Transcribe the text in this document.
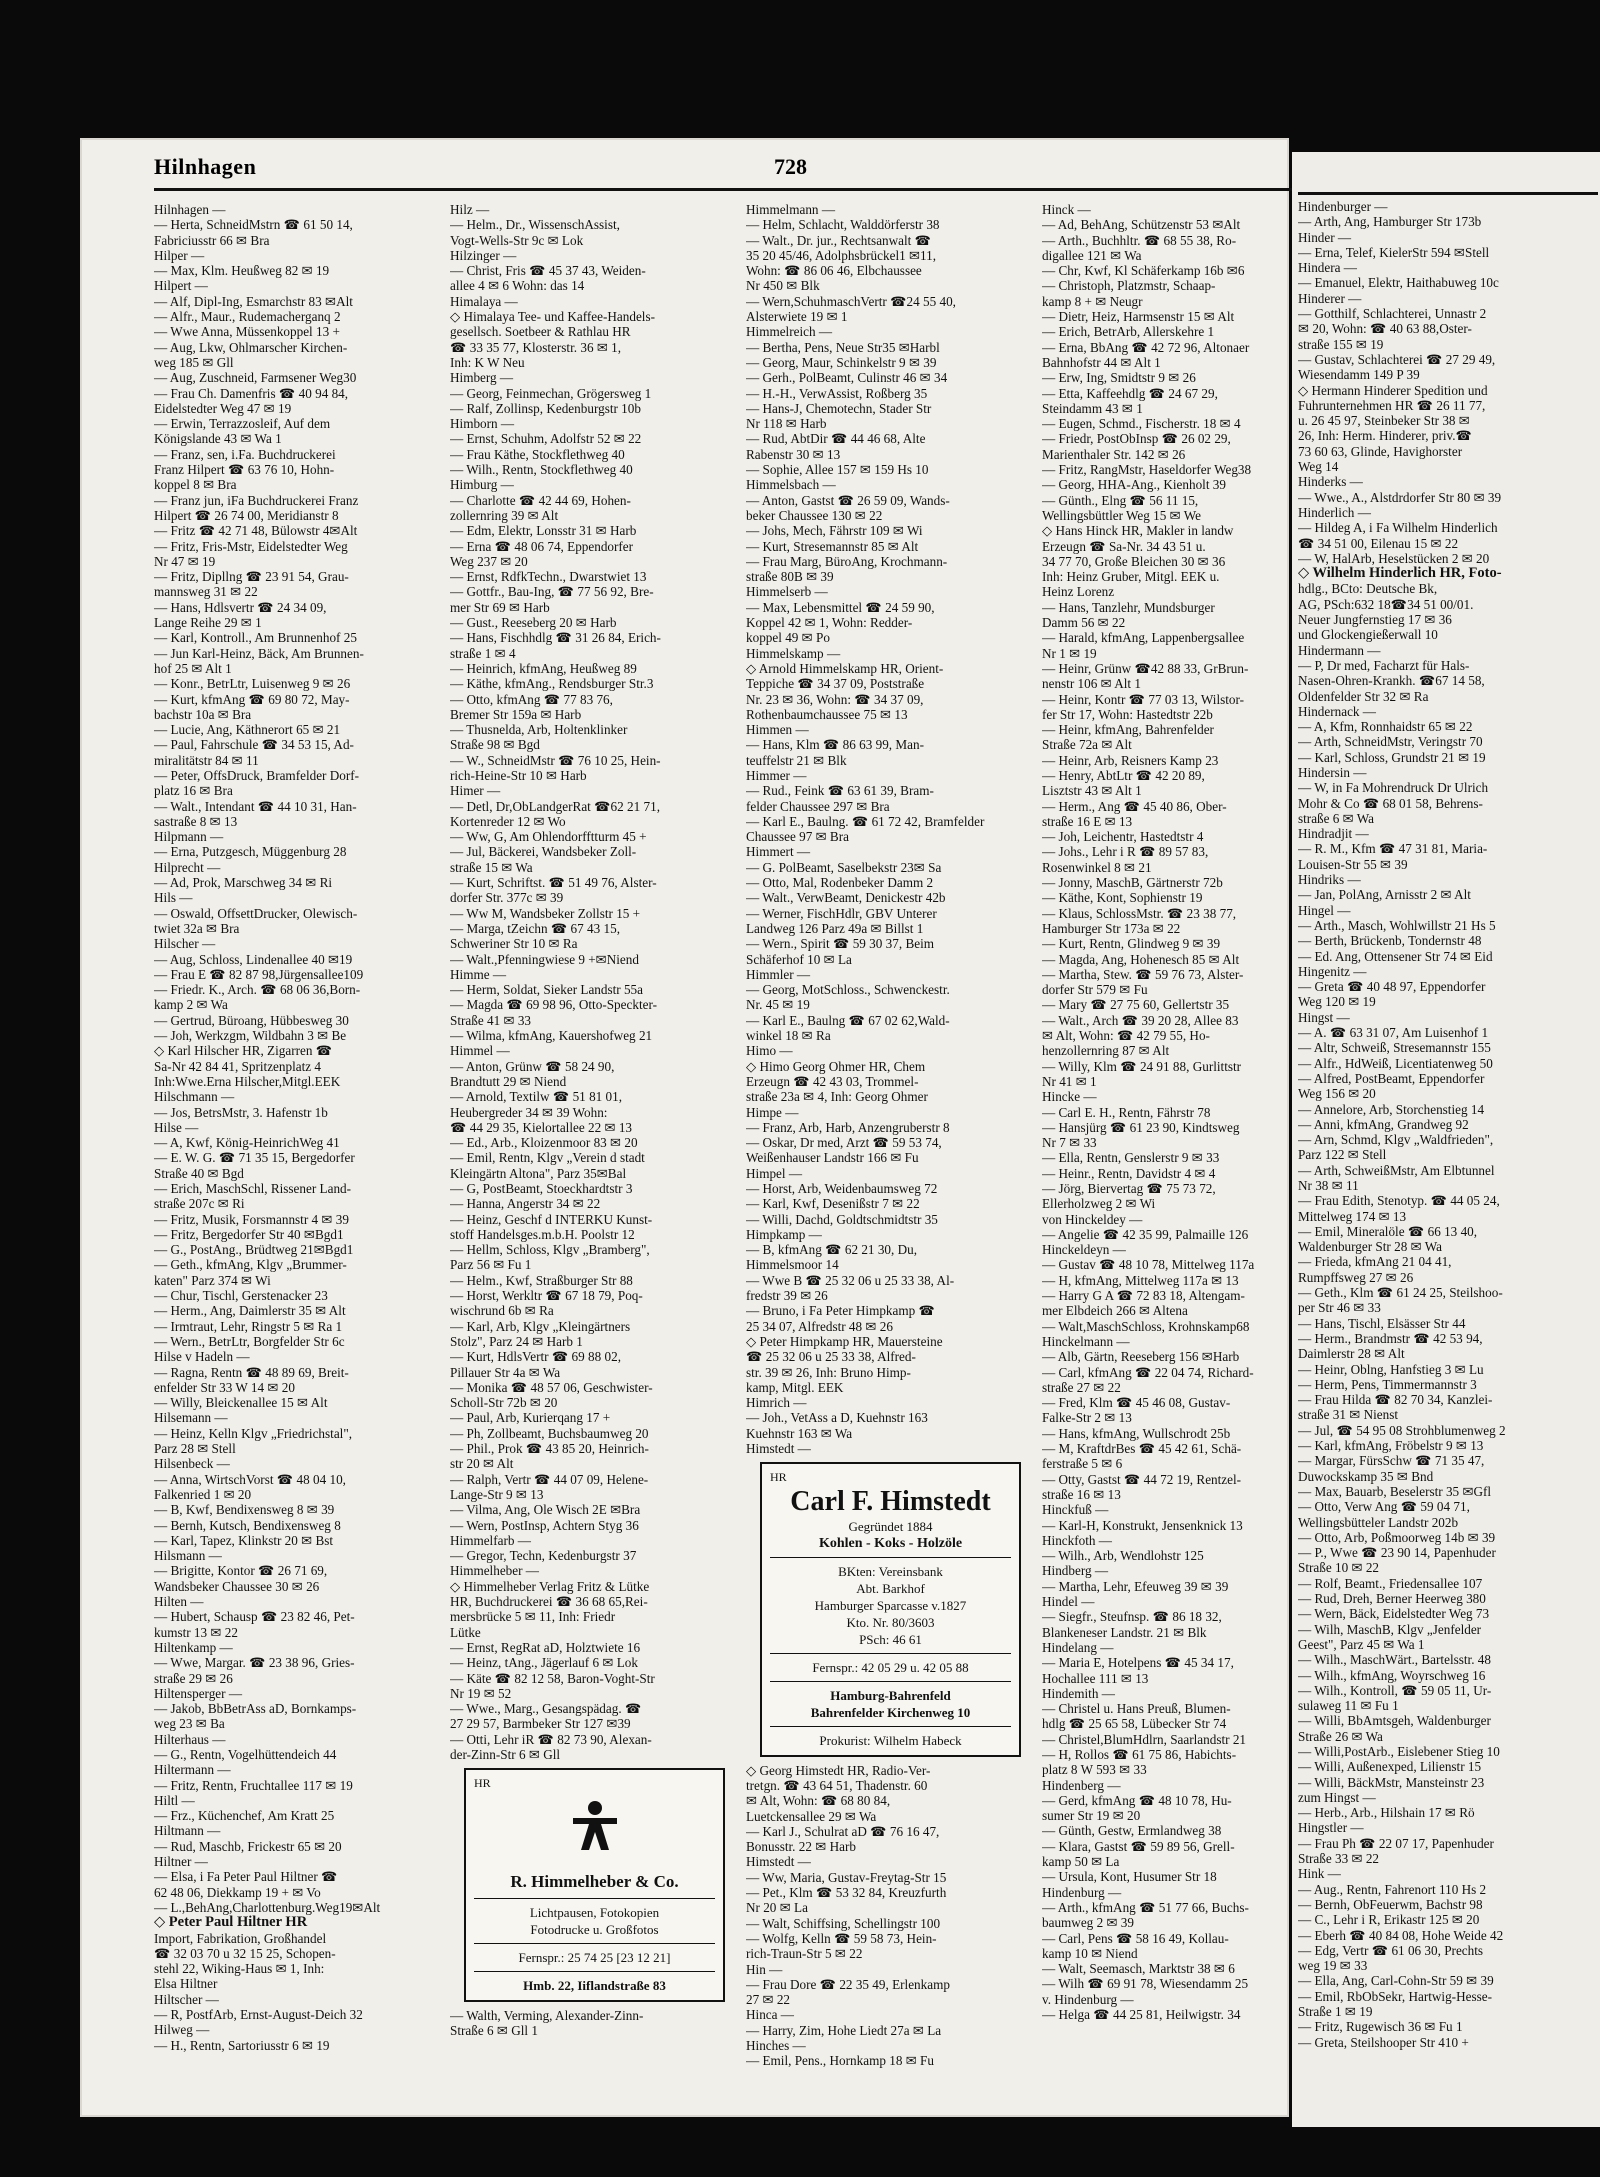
Hilnhagen	728
Hilnhagen —
— Herta, SchneidMstrn ☎ 61 50 14,
Fabriciusstr 66 ✉ Bra
Hilper —
— Max, Klm. Heußweg 82 ✉ 19
Hilpert —
— Alf, Dipl-Ing, Esmarchstr 83 ✉Alt
— Alfr., Maur., Rudemacherganq 2
— Wwe Anna, Müssenkoppel 13 +
— Aug, Lkw, Ohlmarscher Kirchen-
weg 185 ✉ Gll
— Aug, Zuschneid, Farmsener Weg30
— Frau Ch. Damenfris ☎ 40 94 84,
Eidelstedter Weg 47 ✉ 19
— Erwin, Terrazzosleif, Auf dem
Königslande 43 ✉ Wa 1
— Franz, sen, i.Fa. Buchdruckerei
Franz Hilpert ☎ 63 76 10, Hohn-
koppel 8 ✉ Bra
— Franz jun, iFa Buchdruckerei Franz
Hilpert ☎ 26 74 00, Meridianstr 8
— Fritz ☎ 42 71 48, Bülowstr 4✉Alt
— Fritz, Fris-Mstr, Eidelstedter Weg
Nr 47 ✉ 19
— Fritz, Dipllng ☎ 23 91 54, Grau-
mannsweg 31 ✉ 22
— Hans, Hdlsvertr ☎ 24 34 09,
Lange Reihe 29 ✉ 1
— Karl, Kontroll., Am Brunnenhof 25
— Jun Karl-Heinz, Bäck, Am Brunnen-
hof 25 ✉ Alt 1
— Konr., BetrLtr, Luisenweg 9 ✉ 26
— Kurt, kfmAng ☎ 69 80 72, May-
bachstr 10a ✉ Bra
— Lucie, Ang, Käthnerort 65 ✉ 21
— Paul, Fahrschule ☎ 34 53 15, Ad-
miralitätstr 84 ✉ 11
— Peter, OffsDruck, Bramfelder Dorf-
platz 16 ✉ Bra
— Walt., Intendant ☎ 44 10 31, Han-
sastraße 8 ✉ 13
Hilpmann —
— Erna, Putzgesch, Müggenburg 28
Hilprecht —
— Ad, Prok, Marschweg 34 ✉ Ri
Hils —
— Oswald, OffsettDrucker, Olewisch-
twiet 32a ✉ Bra
Hilscher —
— Aug, Schloss, Lindenallee 40 ✉19
— Frau E ☎ 82 87 98,Jürgensallee109
— Friedr. K., Arch. ☎ 68 06 36,Born-
kamp 2 ✉ Wa
— Gertrud, Büroang, Hübbesweg 30
— Joh, Werkzgm, Wildbahn 3 ✉ Be
◇ Karl Hilscher HR, Zigarren ☎
Sa-Nr 42 84 41, Spritzenplatz 4
Inh:Wwe.Erna Hilscher,Mitgl.EEK
Hilschmann —
— Jos, BetrsMstr, 3. Hafenstr 1b
Hilse —
— A, Kwf, König-HeinrichWeg 41
— E. W. G. ☎ 71 35 15, Bergedorfer
Straße 40 ✉ Bgd
— Erich, MaschSchl, Rissener Land-
straße 207c ✉ Ri
— Fritz, Musik, Forsmannstr 4 ✉ 39
— Fritz, Bergedorfer Str 40 ✉Bgd1
— G., PostAng., Brüdtweg 21✉Bgd1
— Geth., kfmAng, Klgv „Brummer-
katen" Parz 374 ✉ Wi
— Chur, Tischl, Gerstenacker 23
— Herm., Ang, Daimlerstr 35 ✉ Alt
— Irmtraut, Lehr, Ringstr 5 ✉ Ra 1
— Wern., BetrLtr, Borgfelder Str 6c
Hilse v Hadeln —
— Ragna, Rentn ☎ 48 89 69, Breit-
enfelder Str 33 W 14 ✉ 20
— Willy, Bleickenallee 15 ✉ Alt
Hilsemann —
— Heinz, Kelln Klgv „Friedrichstal",
Parz 28 ✉ Stell
Hilsenbeck —
— Anna, WirtschVorst ☎ 48 04 10,
Falkenried 1 ✉ 20
— B, Kwf, Bendixensweg 8 ✉ 39
— Bernh, Kutsch, Bendixensweg 8
— Karl, Tapez, Klinkstr 20 ✉ Bst
Hilsmann —
— Brigitte, Kontor ☎ 26 71 69,
Wandsbeker Chaussee 30 ✉ 26
Hilten —
— Hubert, Schausp ☎ 23 82 46, Pet-
kumstr 13 ✉ 22
Hiltenkamp —
— Wwe, Margar. ☎ 23 38 96, Gries-
straße 29 ✉ 26
Hiltensperger —
— Jakob, BbBetrAss aD, Bornkamps-
weg 23 ✉ Ba
Hilterhaus —
— G., Rentn, Vogelhüttendeich 44
Hiltermann —
— Fritz, Rentn, Fruchtallee 117 ✉ 19
Hiltl —
— Frz., Küchenchef, Am Kratt 25
Hiltmann —
— Rud, Maschb, Frickestr 65 ✉ 20
Hiltner —
— Elsa, i Fa Peter Paul Hiltner ☎
62 48 06, Diekkamp 19 + ✉ Vo
— L.,BehAng,Charlottenburg.Weg19✉Alt
◇ Peter Paul Hiltner HR
Import, Fabrikation, Großhandel
☎ 32 03 70 u 32 15 25, Schopen-
stehl 22, Wiking-Haus ✉ 1, Inh:
Elsa Hiltner
Hiltscher —
— R, PostfArb, Ernst-August-Deich 32
Hilweg —
— H., Rentn, Sartoriusstr 6 ✉ 19
Hilz —
— Helm., Dr., WissenschAssist,
Vogt-Wells-Str 9c ✉ Lok
Hilzinger —
— Christ, Fris ☎ 45 37 43, Weiden-
allee 4 ✉ 6 Wohn: das 14
Himalaya —
◇ Himalaya Tee- und Kaffee-Handels-
gesellsch. Soetbeer & Rathlau HR
☎ 33 35 77, Klosterstr. 36 ✉ 1,
Inh: K W Neu
Himberg —
— Georg, Feinmechan, Grögersweg 1
— Ralf, Zollinsp, Kedenburgstr 10b
Himborn —
— Ernst, Schuhm, Adolfstr 52 ✉ 22
— Frau Käthe, Stockflethweg 40
— Wilh., Rentn, Stockflethweg 40
Himburg —
— Charlotte ☎ 42 44 69, Hohen-
zollernring 39 ✉ Alt
— Edm, Elektr, Lonsstr 31 ✉ Harb
— Erna ☎ 48 06 74, Eppendorfer
Weg 237 ✉ 20
— Ernst, RdfkTechn., Dwarstwiet 13
— Gottfr., Bau-Ing, ☎ 77 56 92, Bre-
mer Str 69 ✉ Harb
— Gust., Reeseberg 20 ✉ Harb
— Hans, Fischhdlg ☎ 31 26 84, Erich-
straße 1 ✉ 4
— Heinrich, kfmAng, Heußweg 89
— Käthe, kfmAng., Rendsburger Str.3
— Otto, kfmAng ☎ 77 83 76,
Bremer Str 159a ✉ Harb
— Thusnelda, Arb, Holtenklinker
Straße 98 ✉ Bgd
— W., SchneidMstr ☎ 76 10 25, Hein-
rich-Heine-Str 10 ✉ Harb
Himer —
— Detl, Dr,ObLandgerRat ☎62 21 71,
Kortenreder 12 ✉ Wo
— Ww, G, Am Ohlendorfftturm 45 +
— Jul, Bäckerei, Wandsbeker Zoll-
straße 15 ✉ Wa
— Kurt, Schriftst. ☎ 51 49 76, Alster-
dorfer Str. 377c ✉ 39
— Ww M, Wandsbeker Zollstr 15 +
— Marga, tZeichn ☎ 67 43 15,
Schweriner Str 10 ✉ Ra
— Walt.,Pfenningwiese 9 +✉Niend
Himme —
— Herm, Soldat, Sieker Landstr 55a
— Magda ☎ 69 98 96, Otto-Speckter-
Straße 41 ✉ 33
— Wilma, kfmAng, Kauershofweg 21
Himmel —
— Anton, Grünw ☎ 58 24 90,
Brandtutt 29 ✉ Niend
— Arnold, Textilw ☎ 51 81 01,
Heubergreder 34 ✉ 39 Wohn:
☎ 44 29 35, Kielortallee 22 ✉ 13
— Ed., Arb., Kloizenmoor 83 ✉ 20
— Emil, Rentn, Klgv „Verein d stadt
Kleingärtn Altona", Parz 35✉Bal
— G, PostBeamt, Stoeckhardtstr 3
— Hanna, Angerstr 34 ✉ 22
— Heinz, Geschf d INTERKU Kunst-
stoff Handelsges.m.b.H. Poolstr 12
— Hellm, Schloss, Klgv „Bramberg",
Parz 56 ✉ Fu 1
— Helm., Kwf, Straßburger Str 88
— Horst, Werkltr ☎ 67 18 79, Poq-
wischrund 6b ✉ Ra
— Karl, Arb, Klgv „Kleingärtners
Stolz", Parz 24 ✉ Harb 1
— Kurt, HdlsVertr ☎ 69 88 02,
Pillauer Str 4a ✉ Wa
— Monika ☎ 48 57 06, Geschwister-
Scholl-Str 72b ✉ 20
— Paul, Arb, Kurierqang 17 +
— Ph, Zollbeamt, Buchsbaumweg 20
— Phil., Prok ☎ 43 85 20, Heinrich-
str 20 ✉ Alt
— Ralph, Vertr ☎ 44 07 09, Helene-
Lange-Str 9 ✉ 13
— Vilma, Ang, Ole Wisch 2E ✉Bra
— Wern, PostInsp, Achtern Styg 36
Himmelfarb —
— Gregor, Techn, Kedenburgstr 37
Himmelheber —
◇ Himmelheber Verlag Fritz & Lütke
HR, Buchdruckerei ☎ 36 68 65,Rei-
mersbrücke 5 ✉ 11, Inh: Friedr
Lütke
— Ernst, RegRat aD, Holztwiete 16
— Heinz, tAng., Jägerlauf 6 ✉ Lok
— Käte ☎ 82 12 58, Baron-Voght-Str
Nr 19 ✉ 52
— Wwe., Marg., Gesangspädag. ☎
27 29 57, Barmbeker Str 127 ✉39
— Otti, Lehr iR ☎ 82 73 90, Alexan-
der-Zinn-Str 6 ✉ Gll
HR
R. Himmelheber & Co.
Lichtpausen, Fotokopien
Fotodrucke u. Großfotos
Fernspr.: 25 74 25 [23 12 21]
Hmb. 22, Iiflandstraße 83
— Walth, Verming, Alexander-Zinn-
Straße 6 ✉ Gll 1
Himmelmann —
— Helm, Schlacht, Walddörferstr 38
— Walt., Dr. jur., Rechtsanwalt ☎
35 20 45/46, Adolphsbrückel1 ✉11,
Wohn: ☎ 86 06 46, Elbchaussee
Nr 450 ✉ Blk
— Wern,SchuhmaschVertr ☎24 55 40,
Alsterwiete 19 ✉ 1
Himmelreich —
— Bertha, Pens, Neue Str35 ✉Harbl
— Georg, Maur, Schinkelstr 9 ✉ 39
— Gerh., PolBeamt, Culinstr 46 ✉ 34
— H.-H., VerwAssist, Roßberg 35
— Hans-J, Chemotechn, Stader Str
Nr 118 ✉ Harb
— Rud, AbtDir ☎ 44 46 68, Alte
Rabenstr 30 ✉ 13
— Sophie, Allee 157 ✉ 159 Hs 10
Himmelsbach —
— Anton, Gastst ☎ 26 59 09, Wands-
beker Chaussee 130 ✉ 22
— Johs, Mech, Fährstr 109 ✉ Wi
— Kurt, Stresemannstr 85 ✉ Alt
— Frau Marg, BüroAng, Krochmann-
straße 80B ✉ 39
Himmelserb —
— Max, Lebensmittel ☎ 24 59 90,
Koppel 42 ✉ 1, Wohn: Redder-
koppel 49 ✉ Po
Himmelskamp —
◇ Arnold Himmelskamp HR, Orient-
Teppiche ☎ 34 37 09, Poststraße
Nr. 23 ✉ 36, Wohn: ☎ 34 37 09,
Rothenbaumchaussee 75 ✉ 13
Himmen —
— Hans, Klm ☎ 86 63 99, Man-
teuffelstr 21 ✉ Blk
Himmer —
— Rud., Feink ☎ 63 61 39, Bram-
felder Chaussee 297 ✉ Bra
— Karl E., Baulng. ☎ 61 72 42, Bramfelder
Chaussee 97 ✉ Bra
Himmert —
— G. PolBeamt, Saselbekstr 23✉ Sa
— Otto, Mal, Rodenbeker Damm 2
— Walt., VerwBeamt, Denickestr 42b
— Werner, FischHdlr, GBV Unterer
Landweg 126 Parz 49a ✉ Billst 1
— Wern., Spirit ☎ 59 30 37, Beim
Schäferhof 10 ✉ La
Himmler —
— Georg, MotSchloss., Schwenckestr.
Nr. 45 ✉ 19
— Karl E., Baulng ☎ 67 02 62,Wald-
winkel 18 ✉ Ra
Himo —
◇ Himo Georg Ohmer HR, Chem
Erzeugn ☎ 42 43 03, Trommel-
straße 23a ✉ 4, Inh: Georg Ohmer
Himpe —
— Franz, Arb, Harb, Anzengruberstr 8
— Oskar, Dr med, Arzt ☎ 59 53 74,
Weißenhauser Landstr 166 ✉ Fu
Himpel —
— Horst, Arb, Weidenbaumsweg 72
— Karl, Kwf, Desenißstr 7 ✉ 22
— Willi, Dachd, Goldtschmidtstr 35
Himpkamp —
— B, kfmAng ☎ 62 21 30, Du,
Himmelsmoor 14
— Wwe B ☎ 25 32 06 u 25 33 38, Al-
fredstr 39 ✉ 26
— Bruno, i Fa Peter Himpkamp ☎
25 34 07, Alfredstr 48 ✉ 26
◇ Peter Himpkamp HR, Mauersteine
☎ 25 32 06 u 25 33 38, Alfred-
str. 39 ✉ 26, Inh: Bruno Himp-
kamp, Mitgl. EEK
Himrich —
— Joh., VetAss a D, Kuehnstr 163
Kuehnstr 163 ✉ Wa
Himstedt —
HR
Carl F. Himstedt
Gegründet 1884
Kohlen - Koks - Holzöle
BKten: Vereinsbank
Abt. Barkhof
Hamburger Sparcasse v.1827
Kto. Nr. 80/3603
PSch: 46 61
Fernspr.: 42 05 29 u. 42 05 88
Hamburg-Bahrenfeld
Bahrenfelder Kirchenweg 10
Prokurist: Wilhelm Habeck
◇ Georg Himstedt HR, Radio-Ver-
tretgn. ☎ 43 64 51, Thadenstr. 60
✉ Alt, Wohn: ☎ 68 80 84,
Luetckensallee 29 ✉ Wa
— Karl J., Schulrat aD ☎ 76 16 47,
Bonusstr. 22 ✉ Harb
Himstedt —
— Ww, Maria, Gustav-Freytag-Str 15
— Pet., Klm ☎ 53 32 84, Kreuzfurth
Nr 20 ✉ La
— Walt, Schiffsing, Schellingstr 100
— Wolfg, Kelln ☎ 59 58 73, Hein-
rich-Traun-Str 5 ✉ 22
Hin —
— Frau Dore ☎ 22 35 49, Erlenkamp
27 ✉ 22
Hinca —
— Harry, Zim, Hohe Liedt 27a ✉ La
Hinches —
— Emil, Pens., Hornkamp 18 ✉ Fu
Hinck —
— Ad, BehAng, Schützenstr 53 ✉Alt
— Arth., Buchhltr. ☎ 68 55 38, Ro-
digallee 121 ✉ Wa
— Chr, Kwf, Kl Schäferkamp 16b ✉6
— Christoph, Platzmstr, Schaap-
kamp 8 + ✉ Neugr
— Dietr, Heiz, Harmsenstr 15 ✉ Alt
— Erich, BetrArb, Allerskehre 1
— Erna, BbAng ☎ 42 72 96, Altonaer
Bahnhofstr 44 ✉ Alt 1
— Erw, Ing, Smidtstr 9 ✉ 26
— Etta, Kaffeehdlg ☎ 24 67 29,
Steindamm 43 ✉ 1
— Eugen, Schmd., Fischerstr. 18 ✉ 4
— Friedr, PostObInsp ☎ 26 02 29,
Marienthaler Str. 142 ✉ 26
— Fritz, RangMstr, Haseldorfer Weg38
— Georg, HHA-Ang., Kienholt 39
— Günth., Elng ☎ 56 11 15,
Wellingsbüttler Weg 15 ✉ We
◇ Hans Hinck HR, Makler in landw
Erzeugn ☎ Sa-Nr. 34 43 51 u.
34 77 70, Große Bleichen 30 ✉ 36
Inh: Heinz Gruber, Mitgl. EEK u.
Heinz Lorenz
— Hans, Tanzlehr, Mundsburger
Damm 56 ✉ 22
— Harald, kfmAng, Lappenbergsallee
Nr 1 ✉ 19
— Heinr, Grünw ☎42 88 33, GrBrun-
nenstr 106 ✉ Alt 1
— Heinr, Kontr ☎ 77 03 13, Wilstor-
fer Str 17, Wohn: Hastedtstr 22b
— Heinr, kfmAng, Bahrenfelder
Straße 72a ✉ Alt
— Heinr, Arb, Reisners Kamp 23
— Henry, AbtLtr ☎ 42 20 89,
Lisztstr 43 ✉ Alt 1
— Herm., Ang ☎ 45 40 86, Ober-
straße 16 E ✉ 13
— Joh, Leichentr, Hastedtstr 4
— Johs., Lehr i R ☎ 89 57 83,
Rosenwinkel 8 ✉ 21
— Jonny, MaschB, Gärtnerstr 72b
— Käthe, Kont, Sophienstr 19
— Klaus, SchlossMstr. ☎ 23 38 77,
Hamburger Str 173a ✉ 22
— Kurt, Rentn, Glindweg 9 ✉ 39
— Magda, Ang, Hohenesch 85 ✉ Alt
— Martha, Stew. ☎ 59 76 73, Alster-
dorfer Str 579 ✉ Fu
— Mary ☎ 27 75 60, Gellertstr 35
— Walt., Arch ☎ 39 20 28, Allee 83
✉ Alt, Wohn: ☎ 42 79 55, Ho-
henzollernring 87 ✉ Alt
— Willy, Klm ☎ 24 91 88, Gurlittstr
Nr 41 ✉ 1
Hincke —
— Carl E. H., Rentn, Fährstr 78
— Hansjürg ☎ 61 23 90, Kindtsweg
Nr 7 ✉ 33
— Ella, Rentn, Genslerstr 9 ✉ 33
— Heinr., Rentn, Davidstr 4 ✉ 4
— Jörg, Biervertag ☎ 75 73 72,
Ellerholzweg 2 ✉ Wi
von Hinckeldey —
— Angelie ☎ 42 35 99, Palmaille 126
Hinckeldeyn —
— Gustav ☎ 48 10 78, Mittelweg 117a
— H, kfmAng, Mittelweg 117a ✉ 13
— Harry G A ☎ 72 83 18, Altengam-
mer Elbdeich 266 ✉ Altena
— Walt,MaschSchloss, Krohnskamp68
Hinckelmann —
— Alb, Gärtn, Reeseberg 156 ✉Harb
— Carl, kfmAng ☎ 22 04 74, Richard-
straße 27 ✉ 22
— Fred, Klm ☎ 45 46 08, Gustav-
Falke-Str 2 ✉ 13
— Hans, kfmAng, Wullschrodt 25b
— M, KraftdrBes ☎ 45 42 61, Schä-
ferstraße 5 ✉ 6
— Otty, Gastst ☎ 44 72 19, Rentzel-
straße 16 ✉ 13
Hinckfuß —
— Karl-H, Konstrukt, Jensenknick 13
Hinckfoth —
— Wilh., Arb, Wendlohstr 125
Hindberg —
— Martha, Lehr, Efeuweg 39 ✉ 39
Hindel —
— Siegfr., Steufnsp. ☎ 86 18 32,
Blankeneser Landstr. 21 ✉ Blk
Hindelang —
— Maria E, Hotelpens ☎ 45 34 17,
Hochallee 111 ✉ 13
Hindemith —
— Christel u. Hans Preuß, Blumen-
hdlg ☎ 25 65 58, Lübecker Str 74
— Christel,BlumHdlrn, Saarlandstr 21
— H, Rollos ☎ 61 75 86, Habichts-
platz 8 W 593 ✉ 33
Hindenberg —
— Gerd, kfmAng ☎ 48 10 78, Hu-
sumer Str 19 ✉ 20
— Günth, Gestw, Ermlandweg 38
— Klara, Gastst ☎ 59 89 56, Grell-
kamp 50 ✉ La
— Ursula, Kont, Husumer Str 18
Hindenburg —
— Arth., kfmAng ☎ 51 77 66, Buchs-
baumweg 2 ✉ 39
— Carl, Pens ☎ 58 16 49, Kollau-
kamp 10 ✉ Niend
— Walt, Seemasch, Marktstr 38 ✉ 6
— Wilh ☎ 69 91 78, Wiesendamm 25
v. Hindenburg —
— Helga ☎ 44 25 81, Heilwigstr. 34
Hindenburger —
— Arth, Ang, Hamburger Str 173b
Hinder —
— Erna, Telef, KielerStr 594 ✉Stell
Hindera —
— Emanuel, Elektr, Haithabuweg 10c
Hinderer —
— Gotthilf, Schlachterei, Unnastr 2
✉ 20, Wohn: ☎ 40 63 88,Oster-
straße 155 ✉ 19
— Gustav, Schlachterei ☎ 27 29 49,
Wiesendamm 149 P 39
◇ Hermann Hinderer Spedition und
Fuhrunternehmen HR ☎ 26 11 77,
u. 26 45 97, Steinbeker Str 38 ✉
26, Inh: Herm. Hinderer, priv.☎
73 60 63, Glinde, Havighorster
Weg 14
Hinderks —
— Wwe., A., Alstdrdorfer Str 80 ✉ 39
Hinderlich —
— Hildeg A, i Fa Wilhelm Hinderlich
☎ 34 51 00, Eilenau 15 ✉ 22
— W, HalArb, Heselstücken 2 ✉ 20
◇ Wilhelm Hinderlich HR, Foto-
hdlg., BCto: Deutsche Bk,
AG, PSch:632 18☎34 51 00/01.
Neuer Jungfernstieg 17 ✉ 36
und Glockengießerwall 10
Hindermann —
— P, Dr med, Facharzt für Hals-
Nasen-Ohren-Krankh. ☎67 14 58,
Oldenfelder Str 32 ✉ Ra
Hindernack —
— A, Kfm, Ronnhaidstr 65 ✉ 22
— Arth, SchneidMstr, Veringstr 70
— Karl, Schloss, Grundstr 21 ✉ 19
Hindersin —
— W, in Fa Mohrendruck Dr Ulrich
Mohr & Co ☎ 68 01 58, Behrens-
straße 6 ✉ Wa
Hindradjit —
— R. M., Kfm ☎ 47 31 81, Maria-
Louisen-Str 55 ✉ 39
Hindriks —
— Jan, PolAng, Arnisstr 2 ✉ Alt
Hingel —
— Arth., Masch, Wohlwillstr 21 Hs 5
— Berth, Brückenb, Tondernstr 48
— Ed. Ang, Ottensener Str 74 ✉ Eid
Hingenitz —
— Greta ☎ 40 48 97, Eppendorfer
Weg 120 ✉ 19
Hingst —
— A. ☎ 63 31 07, Am Luisenhof 1
— Altr, Schweiß, Stresemannstr 155
— Alfr., HdWeiß, Licentiatenweg 50
— Alfred, PostBeamt, Eppendorfer
Weg 156 ✉ 20
— Annelore, Arb, Storchenstieg 14
— Anni, kfmAng, Grandweg 92
— Arn, Schmd, Klgv „Waldfrieden",
Parz 122 ✉ Stell
— Arth, SchweißMstr, Am Elbtunnel
Nr 38 ✉ 11
— Frau Edith, Stenotyp. ☎ 44 05 24,
Mittelweg 174 ✉ 13
— Emil, Mineralöle ☎ 66 13 40,
Waldenburger Str 28 ✉ Wa
— Frieda, kfmAng 21 04 41,
Rumpffsweg 27 ✉ 26
— Geth., Klm ☎ 61 24 25, Steilshoo-
per Str 46 ✉ 33
— Hans, Tischl, Elsässer Str 44
— Herm., Brandmstr ☎ 42 53 94,
Daimlerstr 28 ✉ Alt
— Heinr, Oblng, Hanfstieg 3 ✉ Lu
— Herm, Pens, Timmermannstr 3
— Frau Hilda ☎ 82 70 34, Kanzlei-
straße 31 ✉ Nienst
— Jul, ☎ 54 95 08 Strohblumenweg 2
— Karl, kfmAng, Fröbelstr 9 ✉ 13
— Margar, FürsSchw ☎ 71 35 47,
Duwockskamp 35 ✉ Bnd
— Max, Bauarb, Beselerstr 35 ✉Gfl
— Otto, Verw Ang ☎ 59 04 71,
Wellingsbütteler Landstr 202b
— Otto, Arb, Poßmoorweg 14b ✉ 39
— P., Wwe ☎ 23 90 14, Papenhuder
Straße 10 ✉ 22
— Rolf, Beamt., Friedensallee 107
— Rud, Dreh, Berner Heerweg 380
— Wern, Bäck, Eidelstedter Weg 73
— Wilh, MaschB, Klgv „Jenfelder
Geest", Parz 45 ✉ Wa 1
— Wilh., MaschWärt., Bartelsstr. 48
— Wilh., kfmAng, Woyrschweg 16
— Wilh., Kontroll, ☎ 59 05 11, Ur-
sulaweg 11 ✉ Fu 1
— Willi, BbAmtsgeh, Waldenburger
Straße 26 ✉ Wa
— Willi,PostArb., Eislebener Stieg 10
— Willi, Außenexped, Lilienstr 15
— Willi, BäckMstr, Mansteinstr 23
zum Hingst —
— Herb., Arb., Hilshain 17 ✉ Rö
Hingstler —
— Frau Ph ☎ 22 07 17, Papenhuder
Straße 33 ✉ 22
Hink —
— Aug., Rentn, Fahrenort 110 Hs 2
— Bernh, ObFeuerwm, Bachstr 98
— C., Lehr i R, Erikastr 125 ✉ 20
— Eberh ☎ 40 84 08, Hohe Weide 42
— Edg, Vertr ☎ 61 06 30, Prechts
weg 19 ✉ 33
— Ella, Ang, Carl-Cohn-Str 59 ✉ 39
— Emil, RbObSekr, Hartwig-Hesse-
Straße 1 ✉ 19
— Fritz, Rugewisch 36 ✉ Fu 1
— Greta, Steilshooper Str 410 +
